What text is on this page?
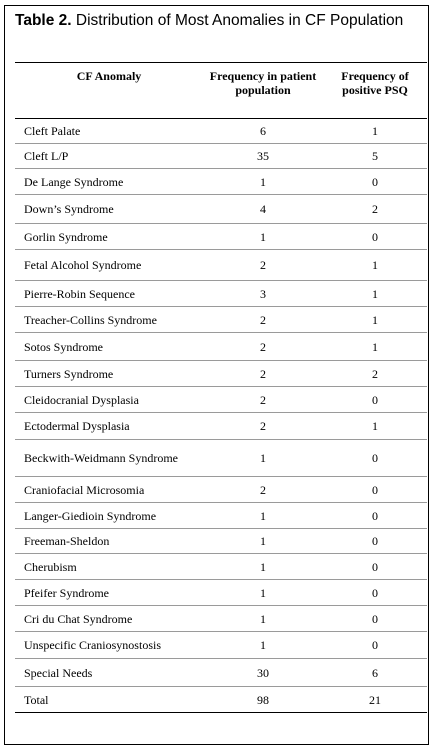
Table 2. Distribution of Most Anomalies in CF Population
CF Anomaly	Frequency in patient population	Frequency of positive PSQ
Cleft Palate	6	1
Cleft L/P	35	5
De Lange Syndrome	1	0
Down’s Syndrome	4	2
Gorlin Syndrome	1	0
Fetal Alcohol Syndrome	2	1
Pierre-Robin Sequence	3	1
Treacher-Collins Syndrome	2	1
Sotos Syndrome	2	1
Turners Syndrome	2	2
Cleidocranial Dysplasia	2	0
Ectodermal Dysplasia	2	1
Beckwith-Weidmann Syndrome	1	0
Craniofacial Microsomia	2	0
Langer-Giedioin Syndrome	1	0
Freeman-Sheldon	1	0
Cherubism	1	0
Pfeifer Syndrome	1	0
Cri du Chat Syndrome	1	0
Unspecific Craniosynostosis	1	0
Special Needs	30	6
Total	98	21
